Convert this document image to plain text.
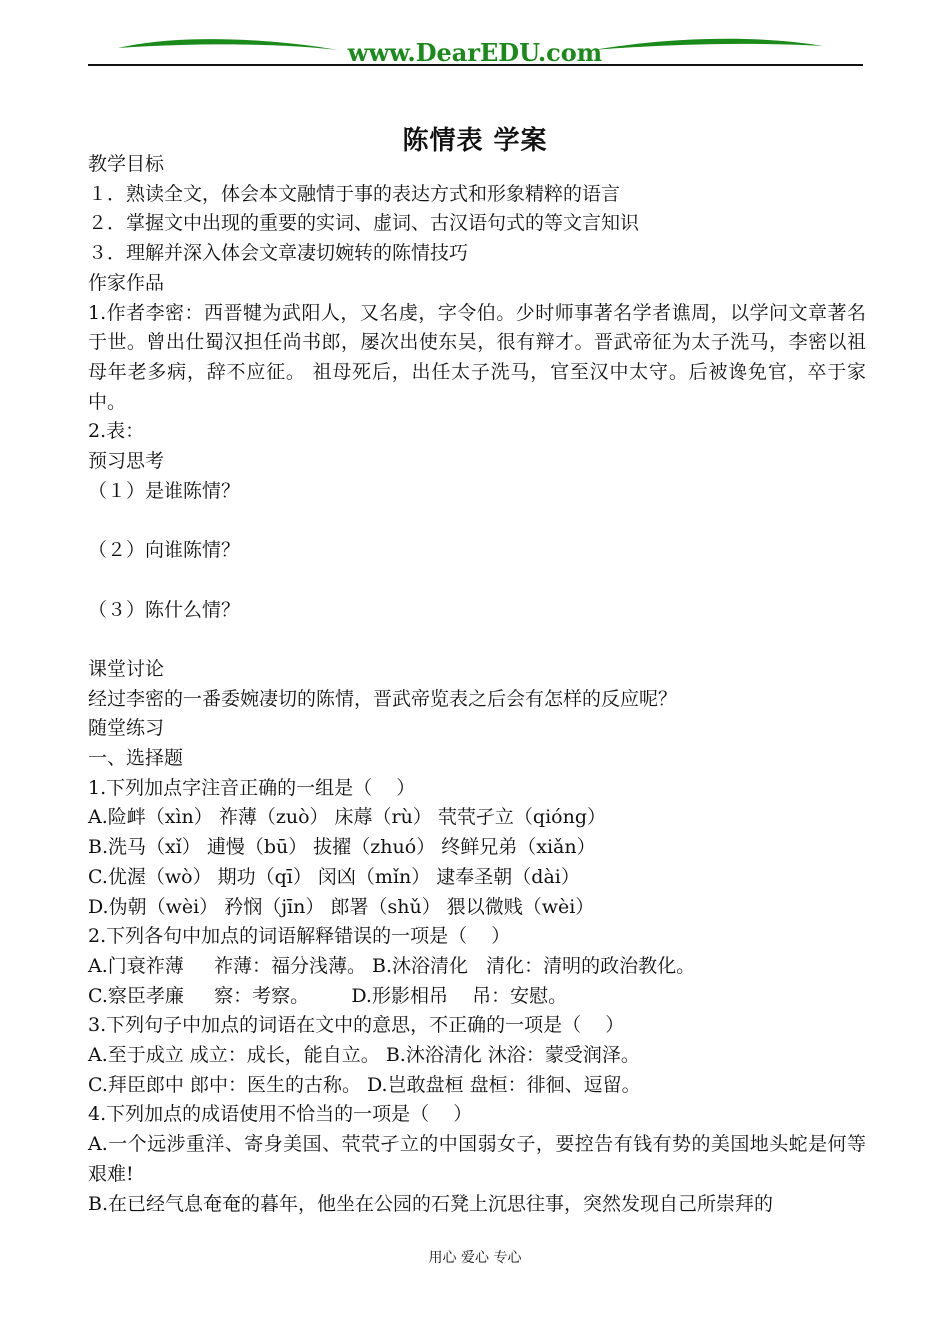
www.DearEDU.com
陈情表 学案

教学目标

１．熟读全文，体会本文融情于事的表达方式和形象精粹的语言

２．掌握文中出现的重要的实词、虚词、古汉语句式的等文言知识

３．理解并深入体会文章凄切婉转的陈情技巧

作家作品

1.作者李密：西晋犍为武阳人，又名虔，字令伯。少时师事著名学者谯周，以学问文章著名于世。曾出仕蜀汉担任尚书郎，屡次出使东吴，很有辩才。晋武帝征为太子洗马，李密以祖母年老多病，辞不应征。 祖母死后，出任太子洗马，官至汉中太守。后被谗免官，卒于家中。

2.表：

预习思考

（１）是谁陈情？

（２）向谁陈情？

（３）陈什么情？

课堂讨论

经过李密的一番委婉凄切的陈情，晋武帝览表之后会有怎样的反应呢？

随堂练习

一、选择题

1.下列加点字注音正确的一组是（    ）

A.险衅（xìn） 祚薄（zuò） 床蓐（rù） 茕茕孑立（qióng）

B.洗马（xǐ） 逋慢（bū） 拔擢（zhuó） 终鲜兄弟（xiǎn）

C.优渥（wò） 期功（qī） 闵凶（mǐn） 逮奉圣朝（dài）

D.伪朝（wèi） 矜悯（jīn） 郎署（shǔ） 猥以微贱（wèi）

2.下列各句中加点的词语解释错误的一项是（    ）

A.门衰祚薄     祚薄：福分浅薄。 B.沐浴清化   清化：清明的政治教化。

C.察臣孝廉     察：考察。       D.形影相吊    吊：安慰。

3.下列句子中加点的词语在文中的意思，不正确的一项是（    ）

A.至于成立 成立：成长，能自立。 B.沐浴清化 沐浴：蒙受润泽。

C.拜臣郎中 郎中：医生的古称。 D.岂敢盘桓 盘桓：徘徊、逗留。

4.下列加点的成语使用不恰当的一项是（    ）

A.一个远涉重洋、寄身美国、茕茕孑立的中国弱女子，要控告有钱有势的美国地头蛇是何等艰难!

B.在已经气息奄奄的暮年，他坐在公园的石凳上沉思往事，突然发现自己所崇拜的

用心 爱心 专心
